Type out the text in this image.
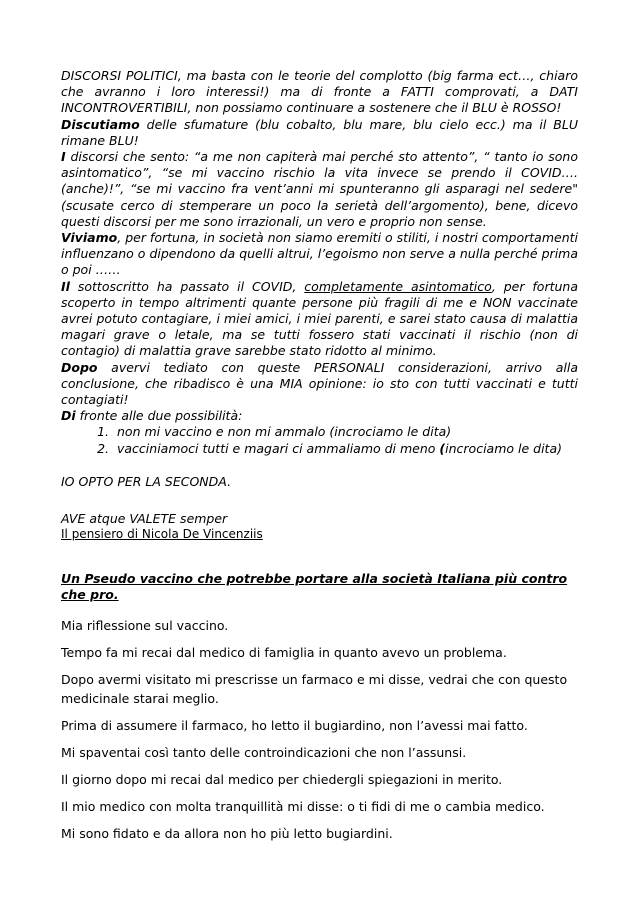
DISCORSI POLITICI, ma basta con le teorie del complotto (big farma ect…, chiaro che avranno i loro interessi!) ma di fronte a FATTI comprovati, a DATI INCONTROVERTIBILI, non possiamo continuare a sostenere che il BLU è ROSSO!

Discutiamo delle sfumature (blu cobalto, blu mare, blu cielo ecc.) ma il BLU rimane BLU!

I discorsi che sento: “a me non capiterà mai perché sto attento”, “ tanto io sono asintomatico”, “se mi vaccino rischio la vita invece se prendo il COVID….(anche)!”, “se mi vaccino fra vent’anni mi spunteranno gli asparagi nel sedere" (scusate cerco di stemperare un poco la serietà dell’argomento), bene, dicevo questi discorsi per me sono irrazionali, un vero e proprio non sense.

Viviamo, per fortuna, in società non siamo eremiti o stiliti, i nostri comportamenti influenzano o dipendono da quelli altrui, l’egoismo non serve a nulla perché prima o poi ……

Il sottoscritto ha passato il COVID, completamente asintomatico, per fortuna scoperto in tempo altrimenti quante persone più fragili di me e NON vaccinate avrei potuto contagiare, i miei amici, i miei parenti, e sarei stato causa di malattia magari grave o letale, ma se tutti fossero stati vaccinati il rischio (non di contagio) di malattia grave sarebbe stato ridotto al minimo.

Dopo avervi tediato con queste PERSONALI considerazioni, arrivo alla conclusione, che ribadisco è una MIA opinione: io sto con tutti vaccinati e tutti contagiati!

Di fronte alle due possibilità:

1. non mi vaccino e non mi ammalo (incrociamo le dita)
2. vacciniamoci tutti e magari ci ammaliamo di meno (incrociamo le dita)

IO OPTO PER LA SECONDA.

AVE atque VALETE semper

Il pensiero di Nicola De Vincenziis

Un Pseudo vaccino che potrebbe portare alla società Italiana più contro che pro.

Mia riflessione sul vaccino.

Tempo fa mi recai dal medico di famiglia in quanto avevo un problema.

Dopo avermi visitato mi prescrisse un farmaco e mi disse, vedrai che con questo medicinale starai meglio.

Prima di assumere il farmaco, ho letto il bugiardino, non l’avessi mai fatto.

Mi spaventai così tanto delle controindicazioni che non l’assunsi.

Il giorno dopo mi recai dal medico per chiedergli spiegazioni in merito.

Il mio medico con molta tranquillità mi disse: o ti fidi di me o cambia medico.

Mi sono fidato e da allora non ho più letto bugiardini.
